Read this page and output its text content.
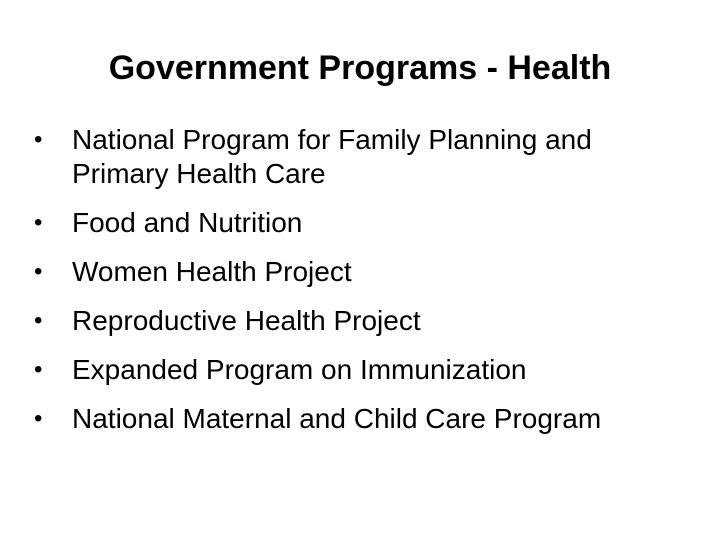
Government Programs - Health
•	National Program for Family Planning and Primary Health Care
•	Food and Nutrition
•	Women Health Project
•	Reproductive Health Project
•	Expanded Program on Immunization
•	National Maternal and Child Care Program
